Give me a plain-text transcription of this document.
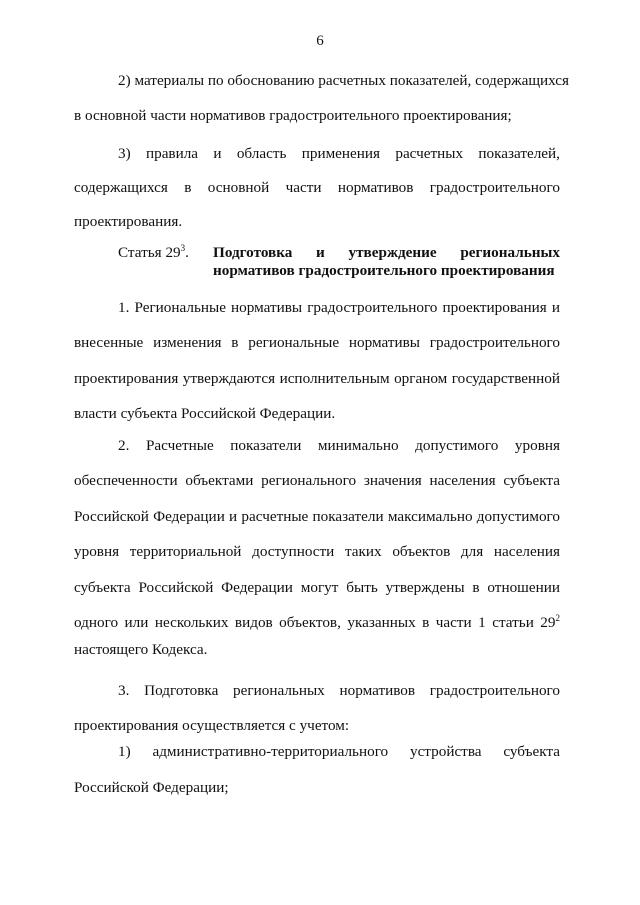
6
2) материалы по обоснованию расчетных показателей, содержащихся
в основной части нормативов градостроительного проектирования;
3) правила и область применения расчетных показателей,
содержащихся в основной части нормативов градостроительного
проектирования.
Статья $29^3$. Подготовка и утверждение региональных
нормативов градостроительного проектирования

1. Региональные нормативы градостроительного проектирования и внесенные изменения в региональные нормативы градостроительного проектирования утверждаются исполнительным органом государственной власти субъекта Российской Федерации.

2. Расчетные показатели минимально допустимого уровня обеспеченности объектами регионального значения населения субъекта Российской Федерации и расчетные показатели максимально допустимого уровня территориальной доступности таких объектов для населения субъекта Российской Федерации могут быть утверждены в отношении одного или нескольких видов объектов, указанных в части 1 статьи $29^2$

настоящего Кодекса.

3. Подготовка региональных нормативов градостроительного проектирования осуществляется с учетом:

1) административно-территориального устройства субъекта
Российской Федерации;
